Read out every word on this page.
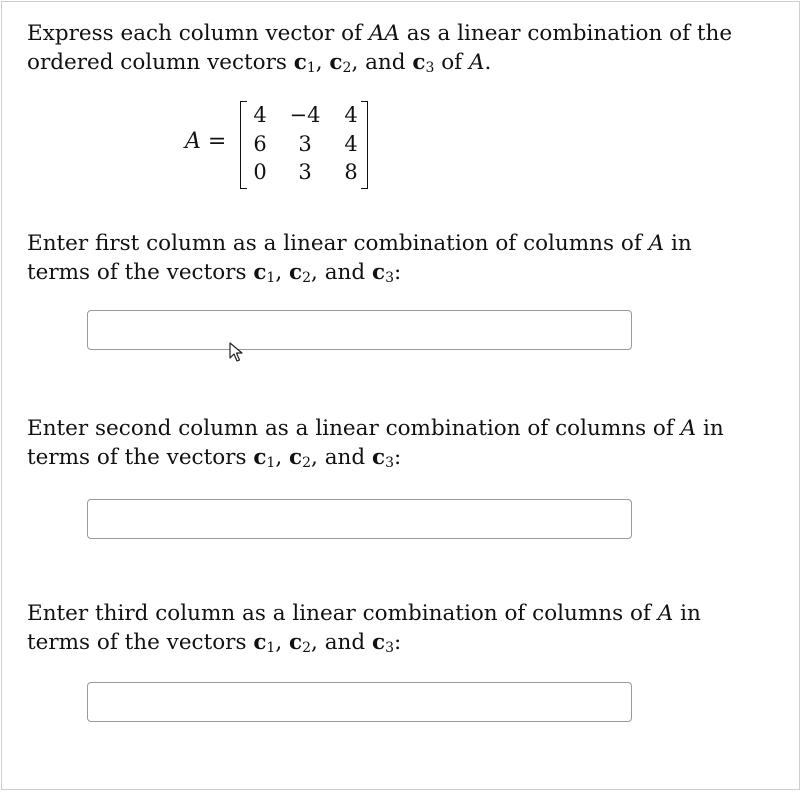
Express each column vector of AA as a linear combination of the ordered column vectors $c_1$, $c_2$, and $c_3$ of A.
A =
4	−4	4
6	3	4
0	3	8
Enter first column as a linear combination of columns of A in terms of the vectors $c_1$, $c_2$, and $c_3$:
Enter second column as a linear combination of columns of A in terms of the vectors $c_1$, $c_2$, and $c_3$:
Enter third column as a linear combination of columns of A in terms of the vectors $c_1$, $c_2$, and $c_3$:
